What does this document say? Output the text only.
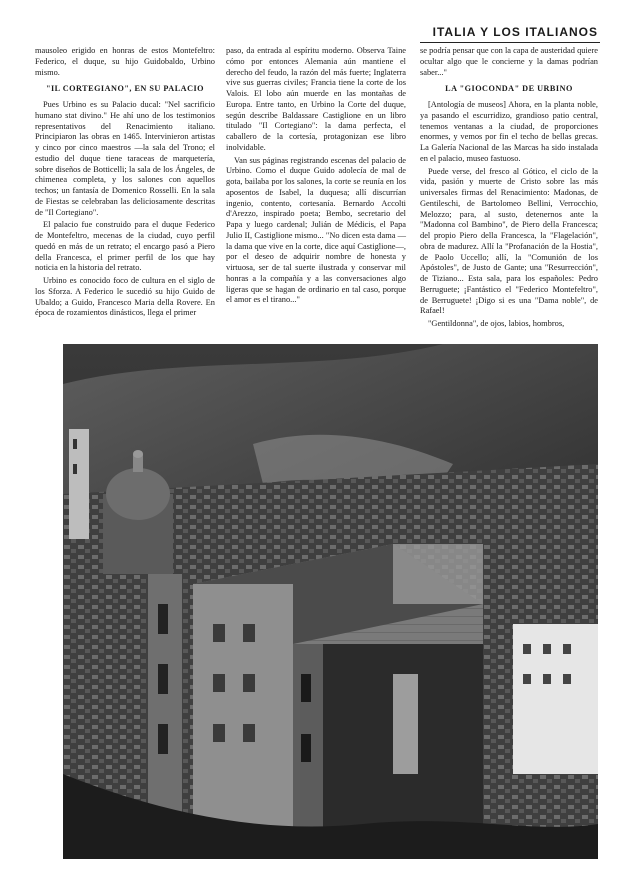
ITALIA Y LOS ITALIANOS

mausoleo erigido en honras de estos Montefeltro: Federico, el duque, su hijo Guidobaldo, Urbino mismo.

"IL CORTEGIANO", EN SU PALACIO

Pues Urbino es su Palacio ducal: "Nel sacrificio humano stat divino." He ahí uno de los testimonios representativos del Renacimiento italiano. Principiaron las obras en 1465. Intervinieron artistas y cinco por cinco maestros —la sala del Trono; el estudio del duque tiene taraceas de marquetería, sobre diseños de Botticelli; la sala de los Ángeles, de chimenea completa, y los salones con aquellos techos; un fantasía de Domenico Rosselli. En la sala de Fiestas se celebraban las deliciosamente descritas de "Il Cortegiano".

El palacio fue construido para el duque Federico de Montefeltro, mecenas de la ciudad, cuyo perfil quedó en más de un retrato; el encargo pasó a Piero della Francesca, el primer perfil de los que hay noticia en la historia del retrato.

Urbino es conocido foco de cultura en el siglo de los Sforza. A Federico le sucedió su hijo Guido de Ubaldo; a Guido, Francesco Maria della Rovere. En época de rozamientos dinásticos, llega el primer

paso, da entrada al espíritu moderno. Observa Taine cómo por entonces Alemania aún mantiene el derecho del feudo, la razón del más fuerte; Inglaterra vive sus guerras civiles; Francia tiene la corte de los Valois. El lobo aún muerde en las montañas de Europa. Entre tanto, en Urbino la Corte del duque, según describe Baldassare Castiglione en un libro titulado "Il Cortegiano": la dama perfecta, el caballero de la cortesía, protagonizan ese libro inolvidable.

Van sus páginas registrando escenas del palacio de Urbino. Como el duque Guido adolecía de mal de gota, bailaba por los salones, la corte se reunía en los aposentos de Isabel, la duquesa; allí discurrían ingenio, contento, cortesanía. Bernardo Accolti d'Arezzo, inspirado poeta; Bembo, secretario del Papa y luego cardenal; Julián de Médicis, el Papa Julio II, Castiglione mismo... "No dicen esta dama —la dama que vive en la corte, dice aquí Castiglione—, por el deseo de adquirir nombre de honesta y virtuosa, ser de tal suerte ilustrada y conservar mil honras a la compañía y a las conversaciones algo ligeras que se hagan de ordinario en tal caso, porque el amor es el tirano..."

se podría pensar que con la capa de austeridad quiere ocultar algo que le concierne y la damas podrían saber..."

LA "GIOCONDA" DE URBINO

[Antología de museos] Ahora, en la planta noble, ya pasando el escurridizo, grandioso patio central, tenemos ventanas a la ciudad, de proporciones enormes, y vemos por fin el techo de bellas grecas. La Galería Nacional de las Marcas ha sido instalada en el palacio, museo fastuoso.

Puede verse, del fresco al Gótico, el ciclo de la vida, pasión y muerte de Cristo sobre las más universales firmas del Renacimiento: Madonas, de Gentileschi, de Bartolomeo Bellini, Verrocchio, Melozzo; para, al susto, detenernos ante la "Madonna col Bambino", de Piero della Francesca; del propio Piero della Francesca, la "Flagelación", obra de madurez. Allí la "Profanación de la Hostia", de Paolo Uccello; allí, la "Comunión de los Apóstoles", de Justo de Gante; una "Resurrección", de Tiziano... Esta sala, para los españoles: Pedro Berruguete; ¡Fantástico el "Federico Montefeltro", de Berruguete! ¡Digo si es una "Dama noble", de Rafael!

"Gentildonna", de ojos, labios, hombros,
